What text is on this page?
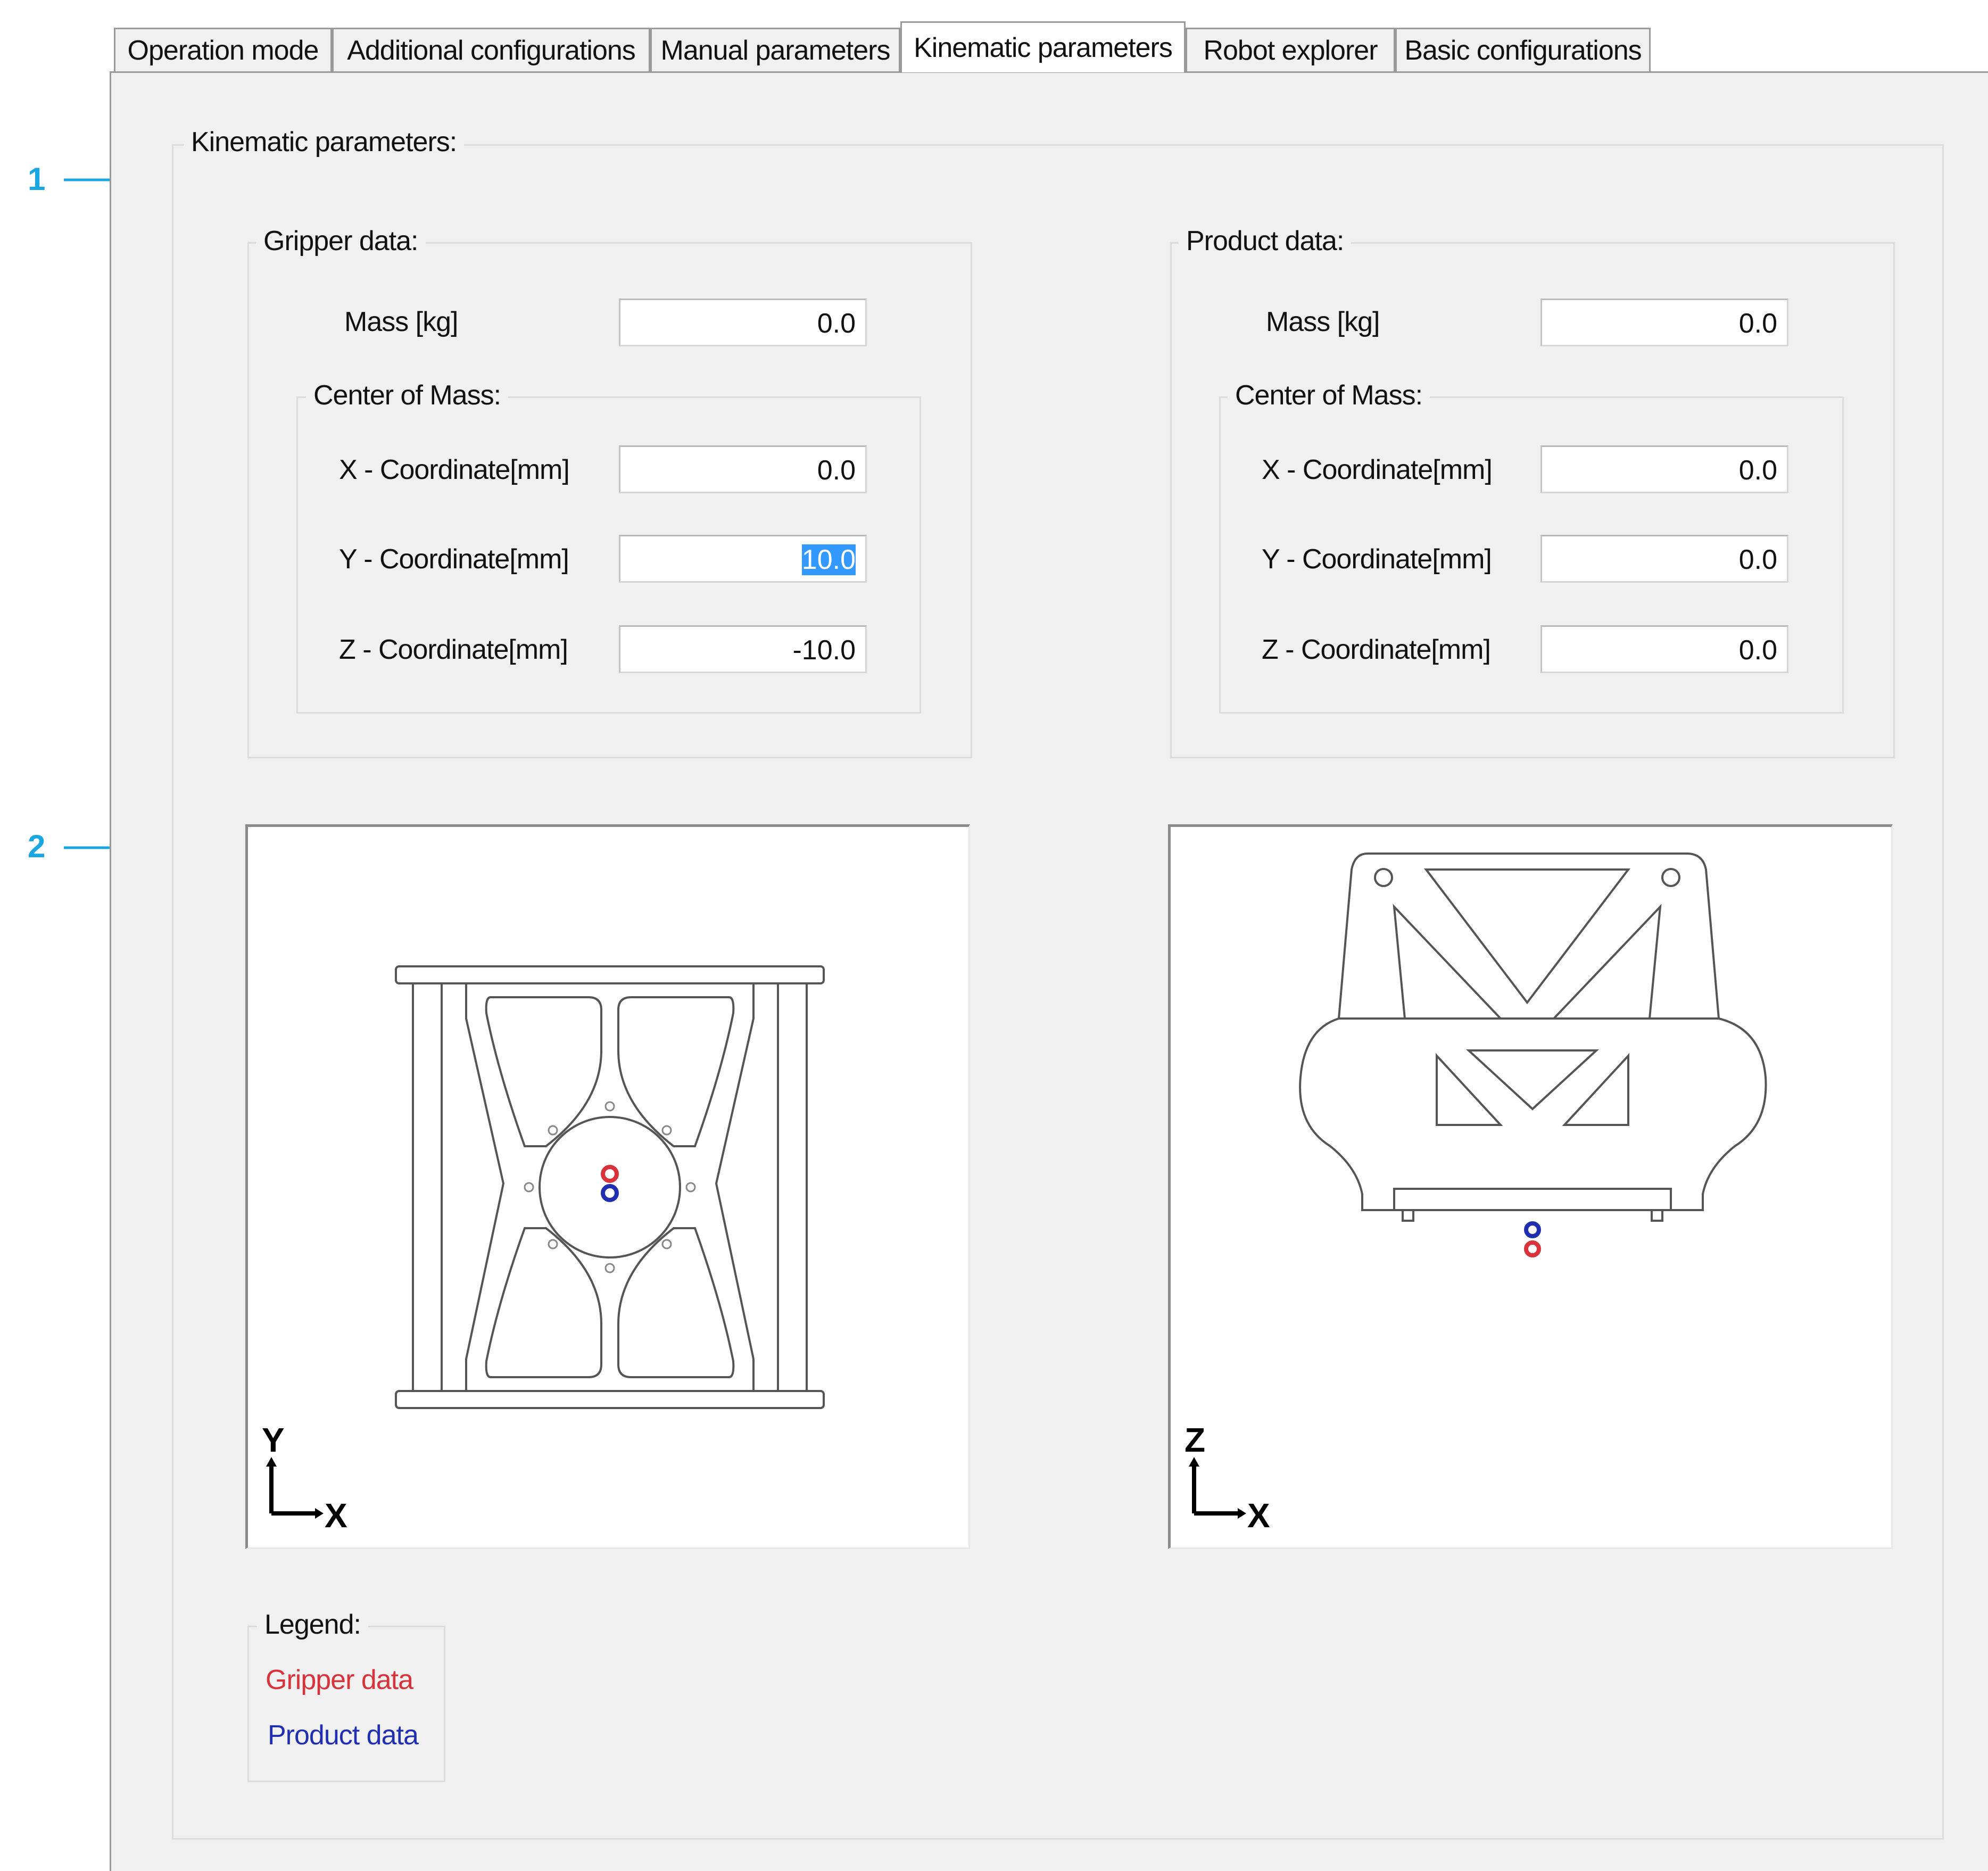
1
2
Operation mode	Additional configurations Manual parameters Kinematic parameters	Robot explorer Basic configurations
Kinematic parameters:
Gripper data:
Mass [kg]	0.0
Center of Mass:
X - Coordinate[mm]	0.0
Y - Coordinate[mm]	10.0
Z - Coordinate[mm]	-10.0
Product data:
Mass [kg]	0.0
Center of Mass:
X - Coordinate[mm]	0.0
Y - Coordinate[mm]	0.0
Z - Coordinate[mm]	0.0
Y
X
Z
X
Legend:
Gripper data
Product data
